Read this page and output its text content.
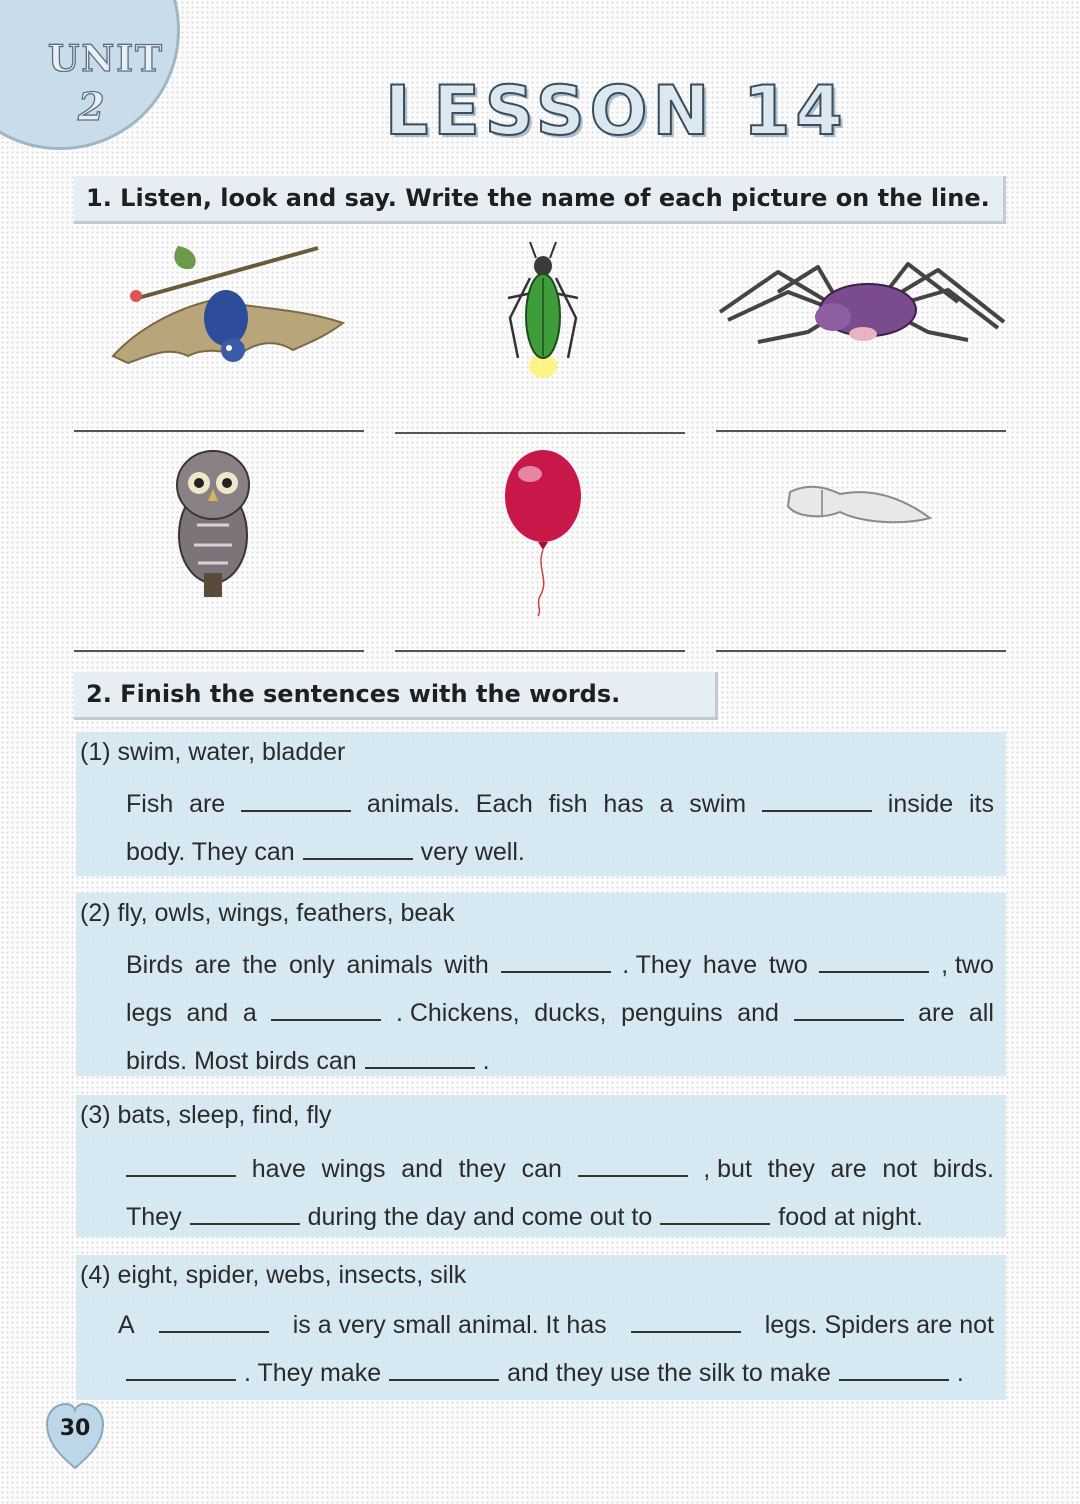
UNIT
2	LESSON 14
1. Listen, look and say. Write the name of each picture on the line.
2. Finish the sentences with the words.
(1) swim, water, bladder
Fish are	animals. Each fish has a swim	inside its
body. They can	very well.
(2) fly, owls, wings, feathers, beak
Birds are the only animals with	. They have two	, two
legs and a	. Chickens, ducks, penguins and	are all
birds. Most birds can	.
(3) bats, sleep, find, fly
have wings and they can	, but they are not birds.
They	during the day and come out to	food at night.
(4) eight, spider, webs, insects, silk
A	is a very small animal. It has	legs. Spiders are not
. They make	and they use the silk to make	.
30
